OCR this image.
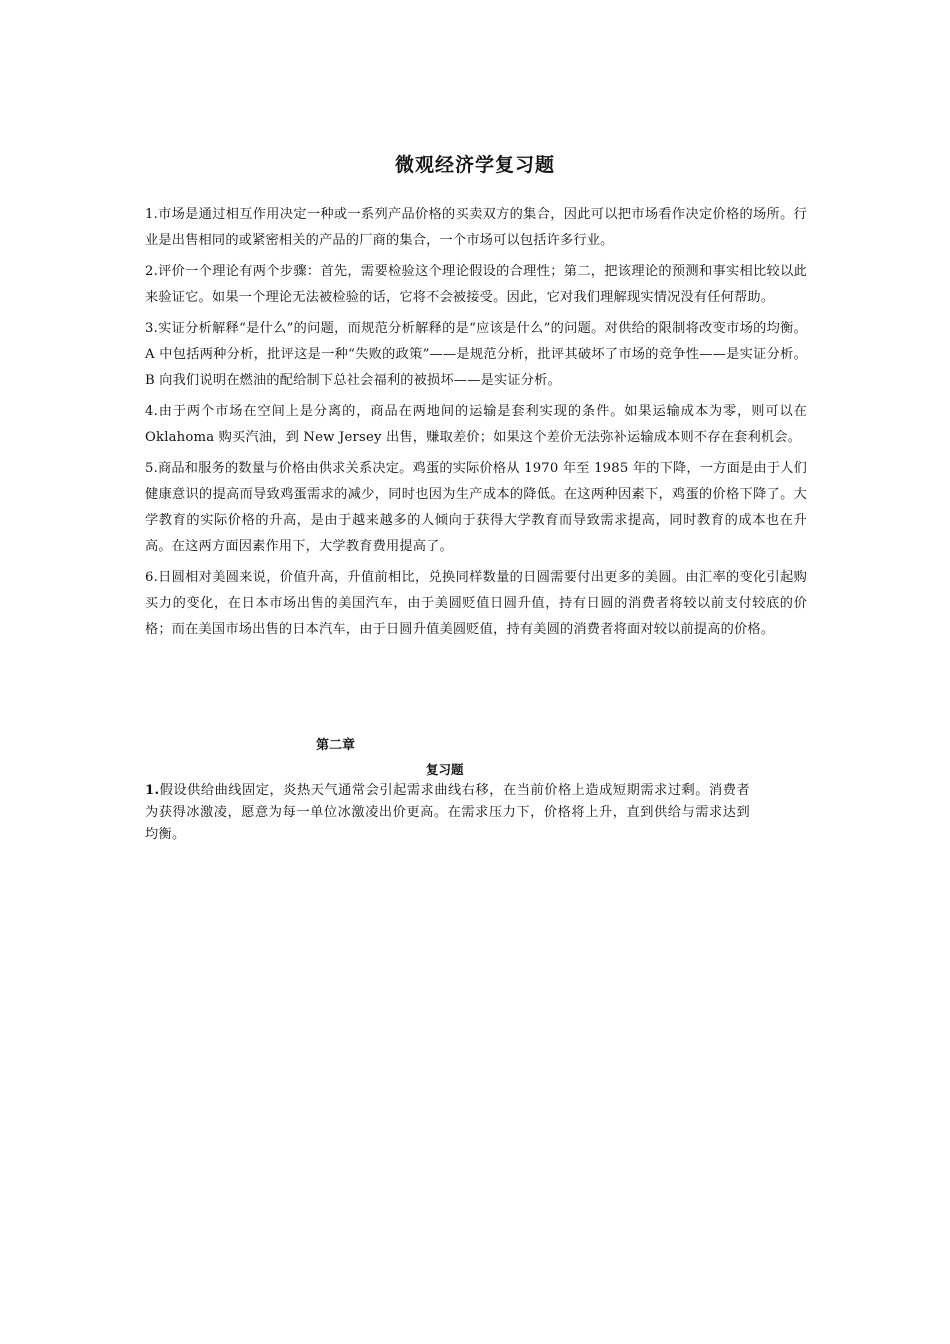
微观经济学复习题

1.市场是通过相互作用决定一种或一系列产品价格的买卖双方的集合，因此可以把市场看作决定价格的场所。行业是出售相同的或紧密相关的产品的厂商的集合，一个市场可以包括许多行业。

2.评价一个理论有两个步骤：首先，需要检验这个理论假设的合理性；第二，把该理论的预测和事实相比较以此来验证它。如果一个理论无法被检验的话，它将不会被接受。因此，它对我们理解现实情况没有任何帮助。

3.实证分析解释“是什么”的问题，而规范分析解释的是“应该是什么”的问题。对供给的限制将改变市场的均衡。A 中包括两种分析，批评这是一种“失败的政策”——是规范分析，批评其破坏了市场的竞争性——是实证分析。B 向我们说明在燃油的配给制下总社会福利的被损坏——是实证分析。

4.由于两个市场在空间上是分离的，商品在两地间的运输是套利实现的条件。如果运输成本为零，则可以在 Oklahoma 购买汽油，到 New Jersey 出售，赚取差价；如果这个差价无法弥补运输成本则不存在套利机会。

5.商品和服务的数量与价格由供求关系决定。鸡蛋的实际价格从 1970 年至 1985 年的下降，一方面是由于人们健康意识的提高而导致鸡蛋需求的减少，同时也因为生产成本的降低。在这两种因素下，鸡蛋的价格下降了。大学教育的实际价格的升高，是由于越来越多的人倾向于获得大学教育而导致需求提高，同时教育的成本也在升高。在这两方面因素作用下，大学教育费用提高了。

6.日圆相对美圆来说，价值升高，升值前相比，兑换同样数量的日圆需要付出更多的美圆。由汇率的变化引起购买力的变化，在日本市场出售的美国汽车，由于美圆贬值日圆升值，持有日圆的消费者将较以前支付较底的价格；而在美国市场出售的日本汽车，由于日圆升值美圆贬值，持有美圆的消费者将面对较以前提高的价格。

第二章
复习题

1.假设供给曲线固定，炎热天气通常会引起需求曲线右移，在当前价格上造成短期需求过剩。消费者为获得冰激凌，愿意为每一单位冰激凌出价更高。在需求压力下，价格将上升，直到供给与需求达到均衡。
